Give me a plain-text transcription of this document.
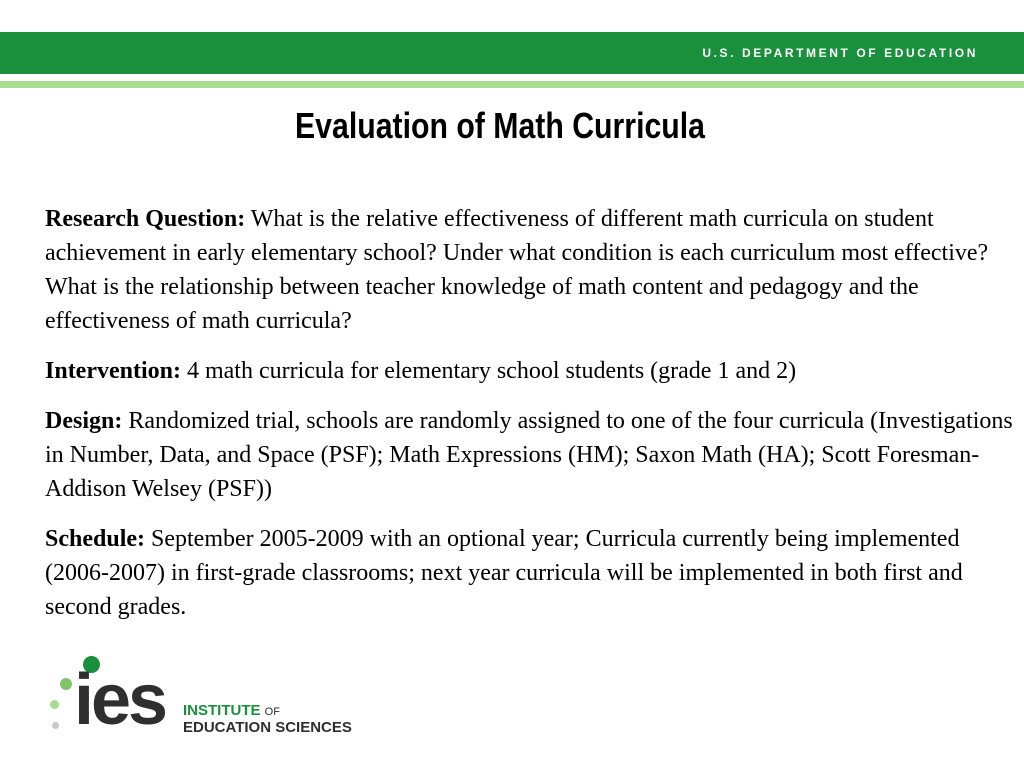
U.S. DEPARTMENT OF EDUCATION
Evaluation of Math Curricula

Research Question: What is the relative effectiveness of different math curricula on student achievement in early elementary school? Under what condition is each curriculum most effective? What is the relationship between teacher knowledge of math content and pedagogy and the effectiveness of math curricula?

Intervention: 4 math curricula for elementary school students (grade 1 and 2)

Design: Randomized trial, schools are randomly assigned to one of the four curricula (Investigations in Number, Data, and Space (PSF); Math Expressions (HM); Saxon Math (HA); Scott Foresman-Addison Welsey (PSF))

Schedule: September 2005-2009 with an optional year; Curricula currently being implemented (2006-2007) in first-grade classrooms; next year curricula will be implemented in both first and second grades.

ies INSTITUTE OF
EDUCATION SCIENCES
